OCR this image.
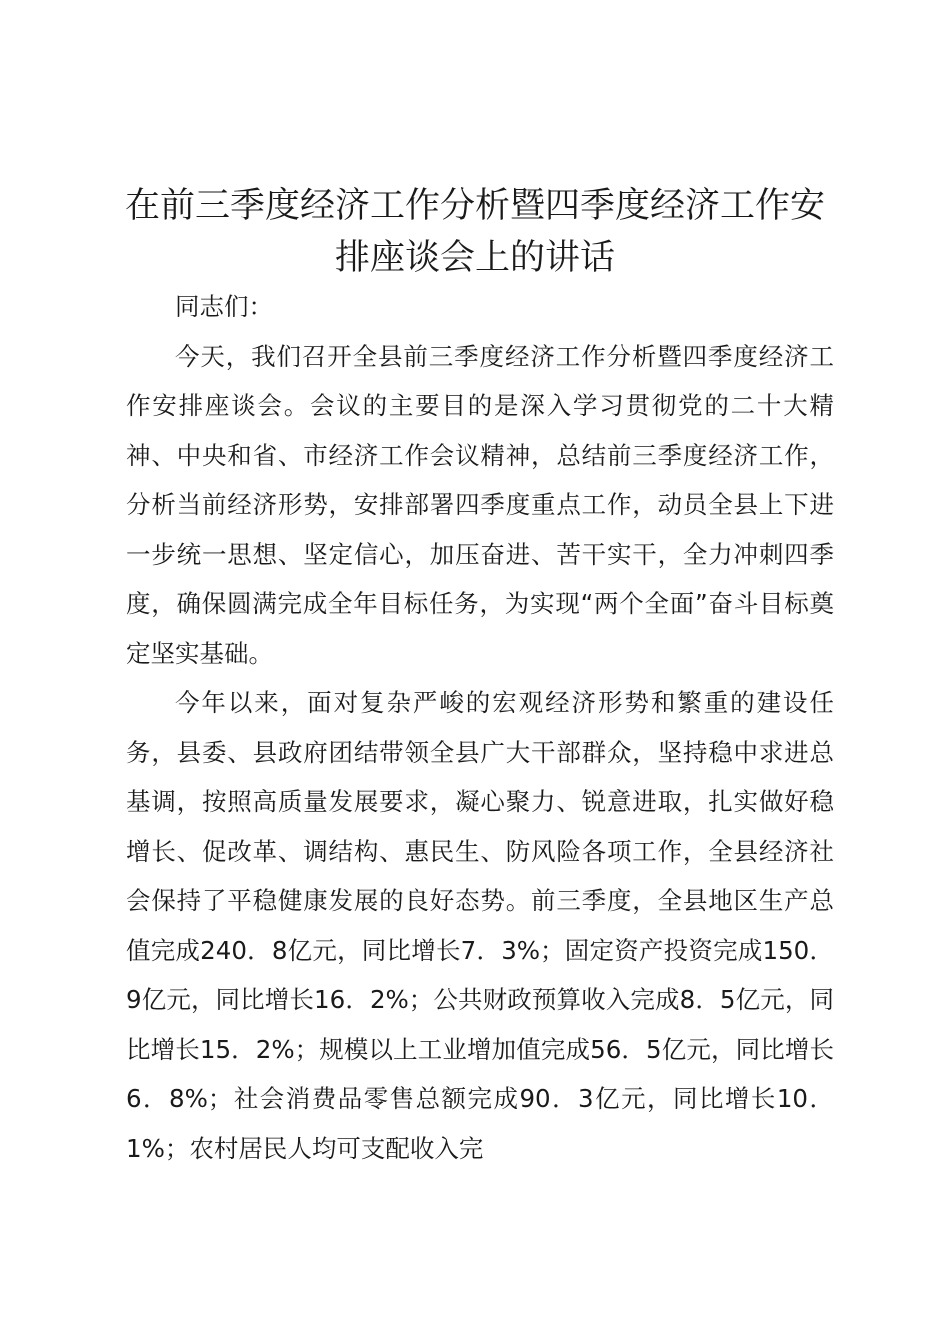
在前三季度经济工作分析暨四季度经济工作安排座谈会上的讲话

同志们：

今天，我们召开全县前三季度经济工作分析暨四季度经济工作安排座谈会。会议的主要目的是深入学习贯彻党的二十大精神、中央和省、市经济工作会议精神，总结前三季度经济工作，分析当前经济形势，安排部署四季度重点工作，动员全县上下进一步统一思想、坚定信心，加压奋进、苦干实干，全力冲刺四季度，确保圆满完成全年目标任务，为实现“两个全面”奋斗目标奠定坚实基础。

今年以来，面对复杂严峻的宏观经济形势和繁重的建设任务，县委、县政府团结带领全县广大干部群众，坚持稳中求进总基调，按照高质量发展要求，凝心聚力、锐意进取，扎实做好稳增长、促改革、调结构、惠民生、防风险各项工作，全县经济社会保持了平稳健康发展的良好态势。前三季度，全县地区生产总值完成240．8亿元，同比增长7．3%；固定资产投资完成150．9亿元，同比增长16．2%；公共财政预算收入完成8．5亿元，同比增长15．2%；规模以上工业增加值完成56．5亿元，同比增长6．8%；社会消费品零售总额完成90．3亿元，同比增长10．1%；农村居民人均可支配收入完
